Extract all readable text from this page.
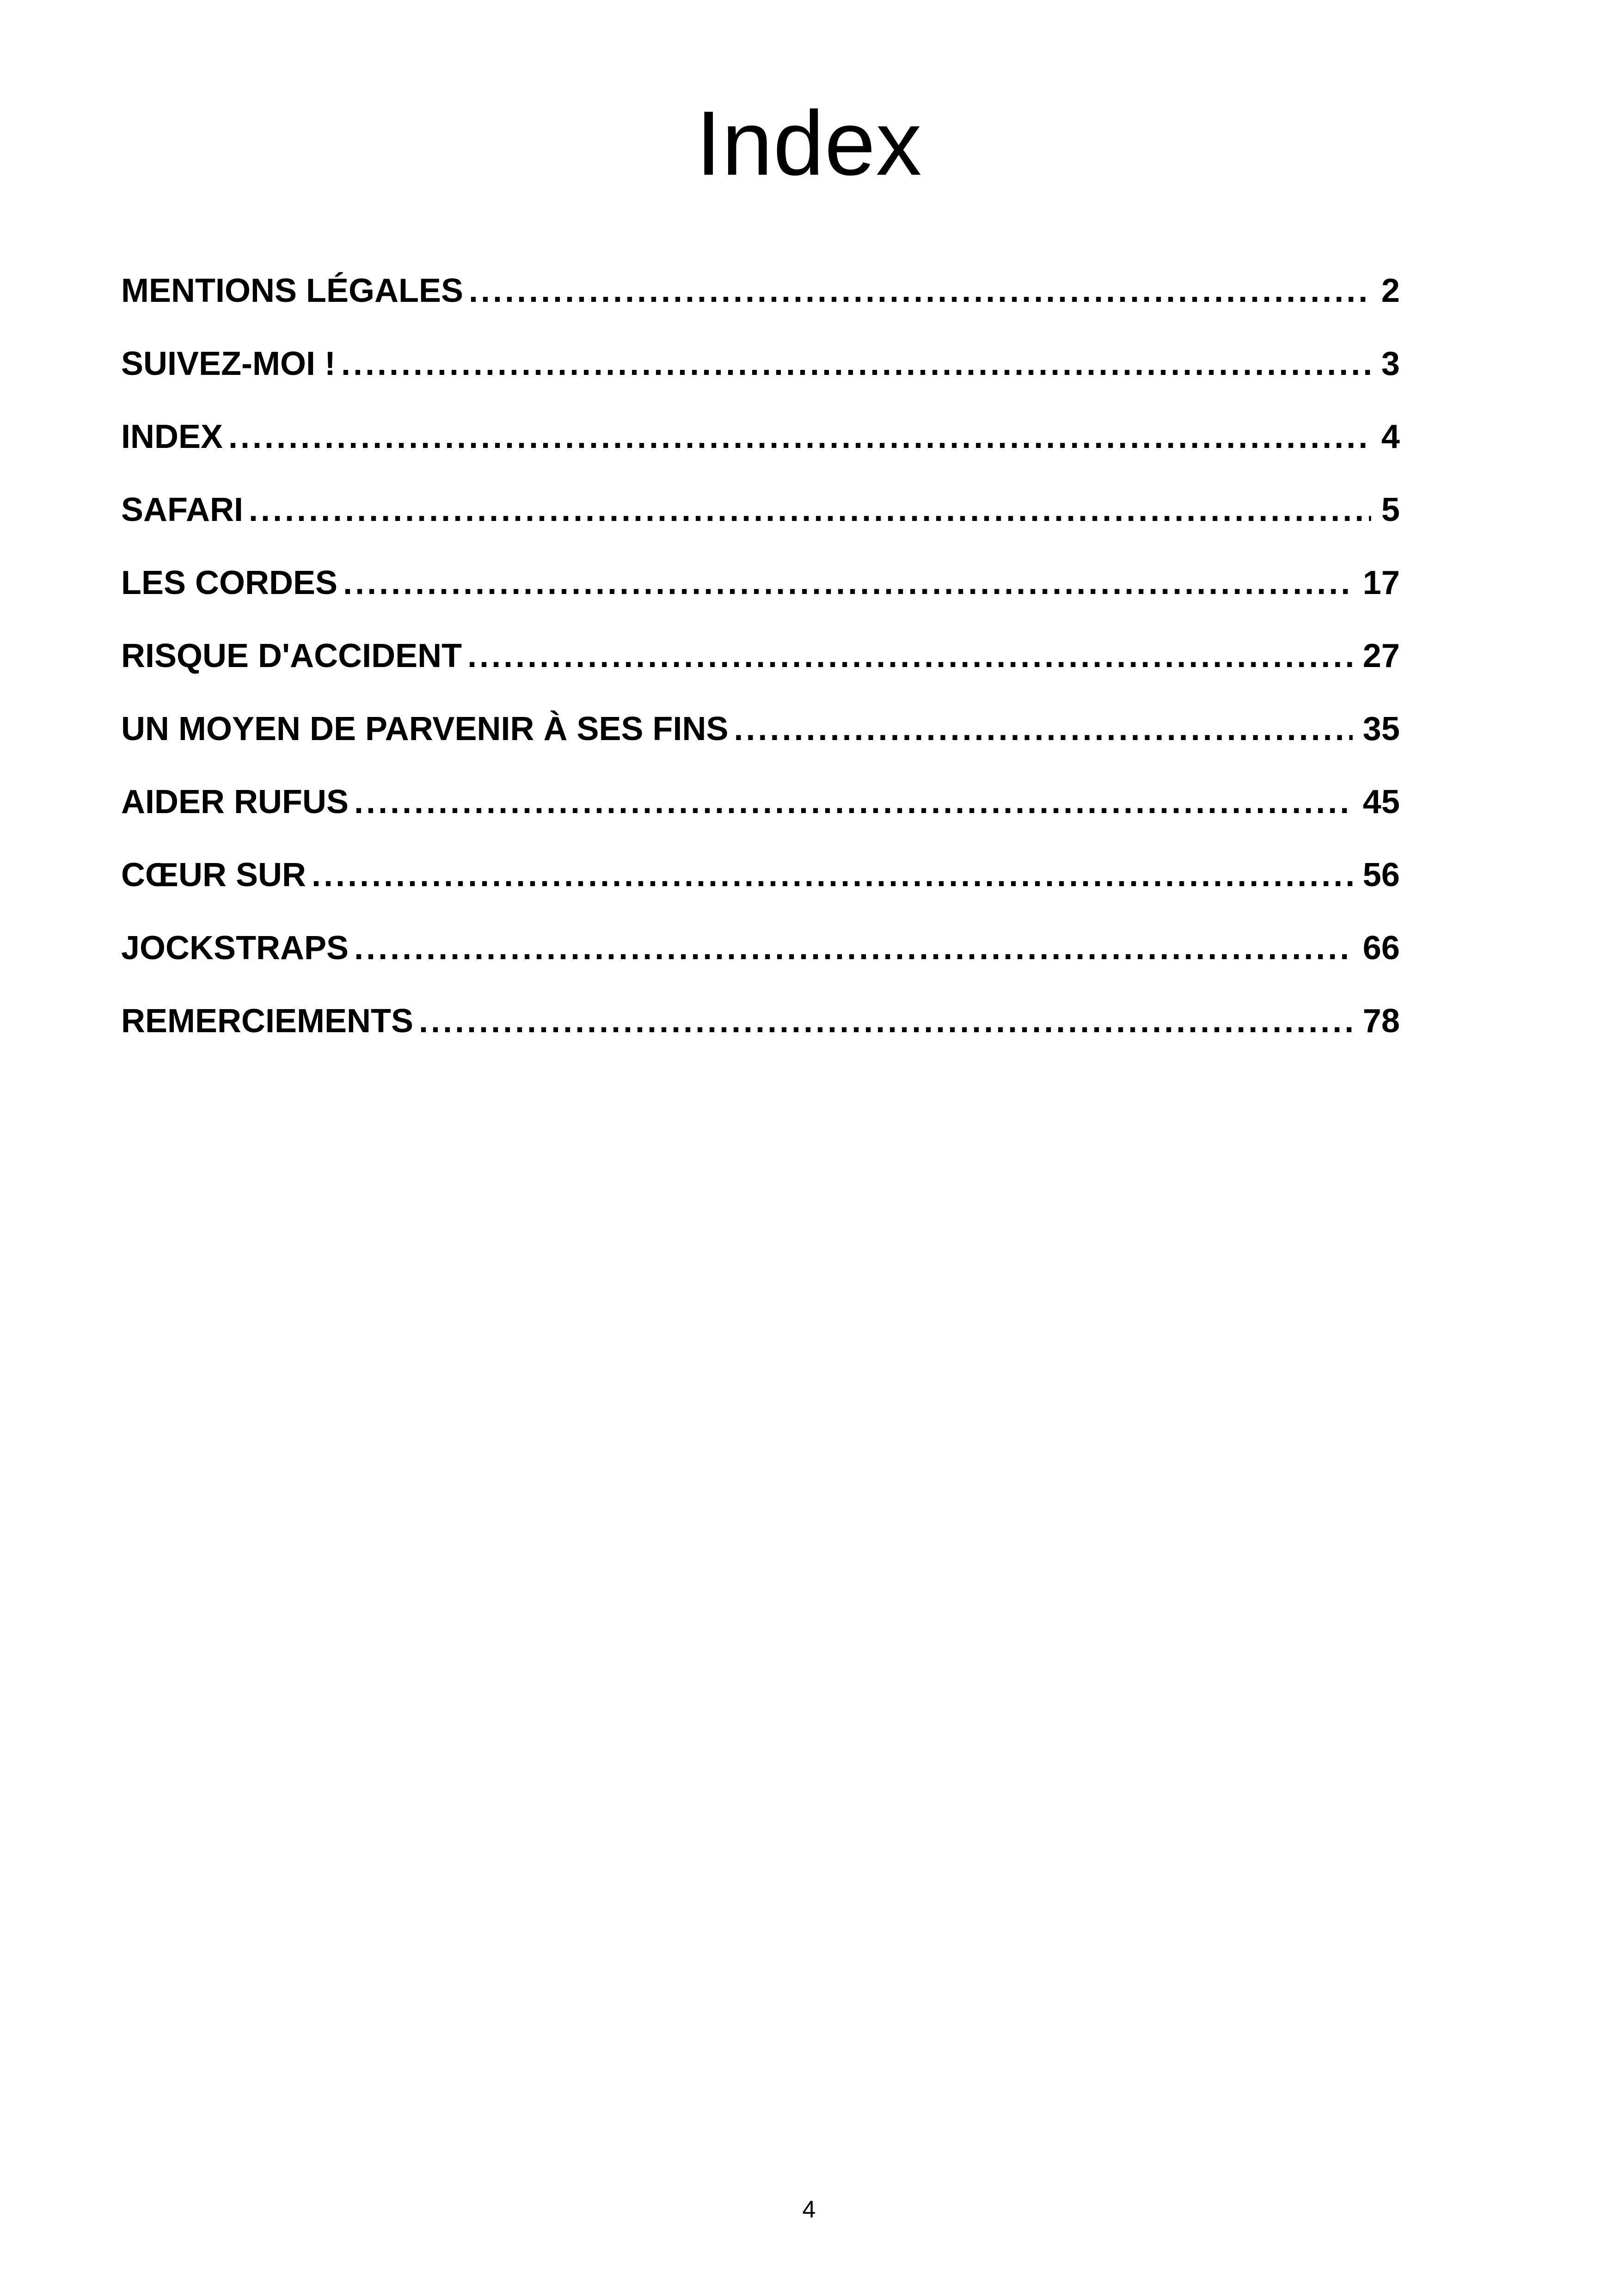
Index
MENTIONS LÉGALES .....	2
SUIVEZ-MOI ! .....	3
INDEX .....	4
SAFARI .....	5
LES CORDES .....	17
RISQUE D'ACCIDENT .....	27
UN MOYEN DE PARVENIR À SES FINS .....	35
AIDER RUFUS .....	45
CŒUR SUR .....	56
JOCKSTRAPS .....	66
REMERCIEMENTS .....	78
4
